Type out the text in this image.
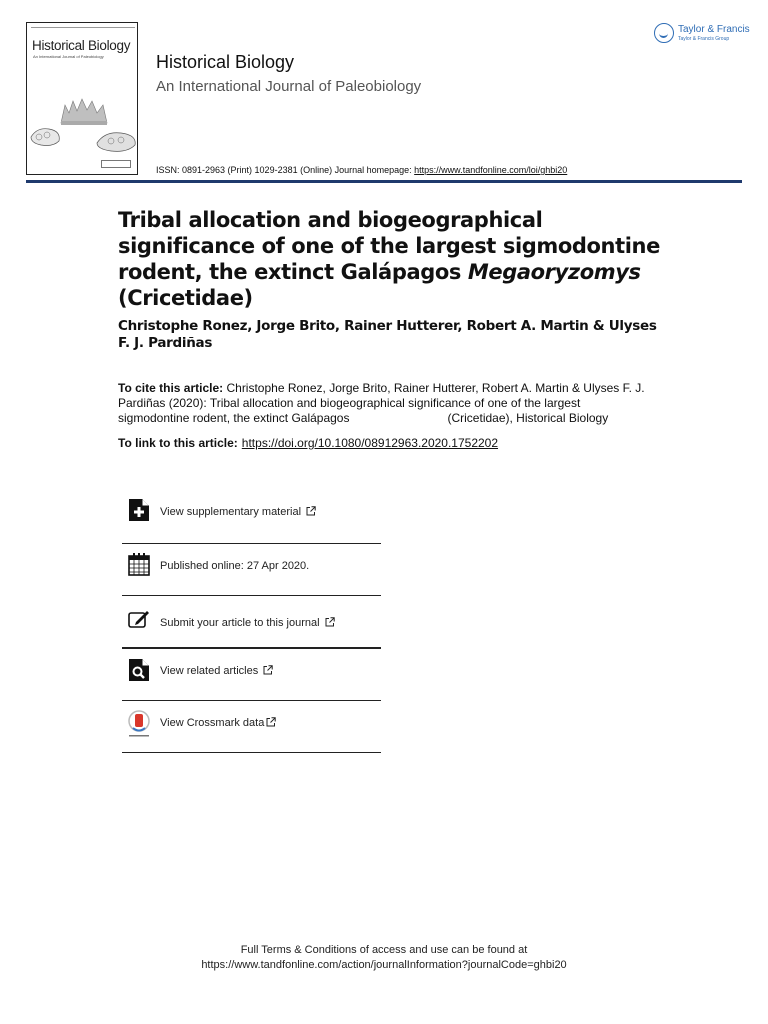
Historical Biology
An International Journal of Paleobiology	Historical Biology
An International Journal of Paleobiology
ISSN: 0891-2963 (Print) 1029-2381 (Online) Journal homepage: https://www.tandfonline.com/loi/ghbi20
Taylor & Francis
Taylor & Francis Group
Tribal allocation and biogeographical significance of one of the largest sigmodontine rodent, the extinct Galápagos Megaoryzomys (Cricetidae)
Christophe Ronez, Jorge Brito, Rainer Hutterer, Robert A. Martin & Ulyses F. J. Pardiñas
To cite this article: Christophe Ronez, Jorge Brito, Rainer Hutterer, Robert A. Martin & Ulyses F. J. Pardiñas (2020): Tribal allocation and biogeographical significance of one of the largest sigmodontine rodent, the extinct Galápagos	(Cricetidae), Historical Biology
To link to this article: https://doi.org/10.1080/08912963.2020.1752202
View supplementary material
Published online: 27 Apr 2020.
Submit your article to this journal
View related articles
View Crossmark data
Full Terms & Conditions of access and use can be found at
https://www.tandfonline.com/action/journalInformation?journalCode=ghbi20
